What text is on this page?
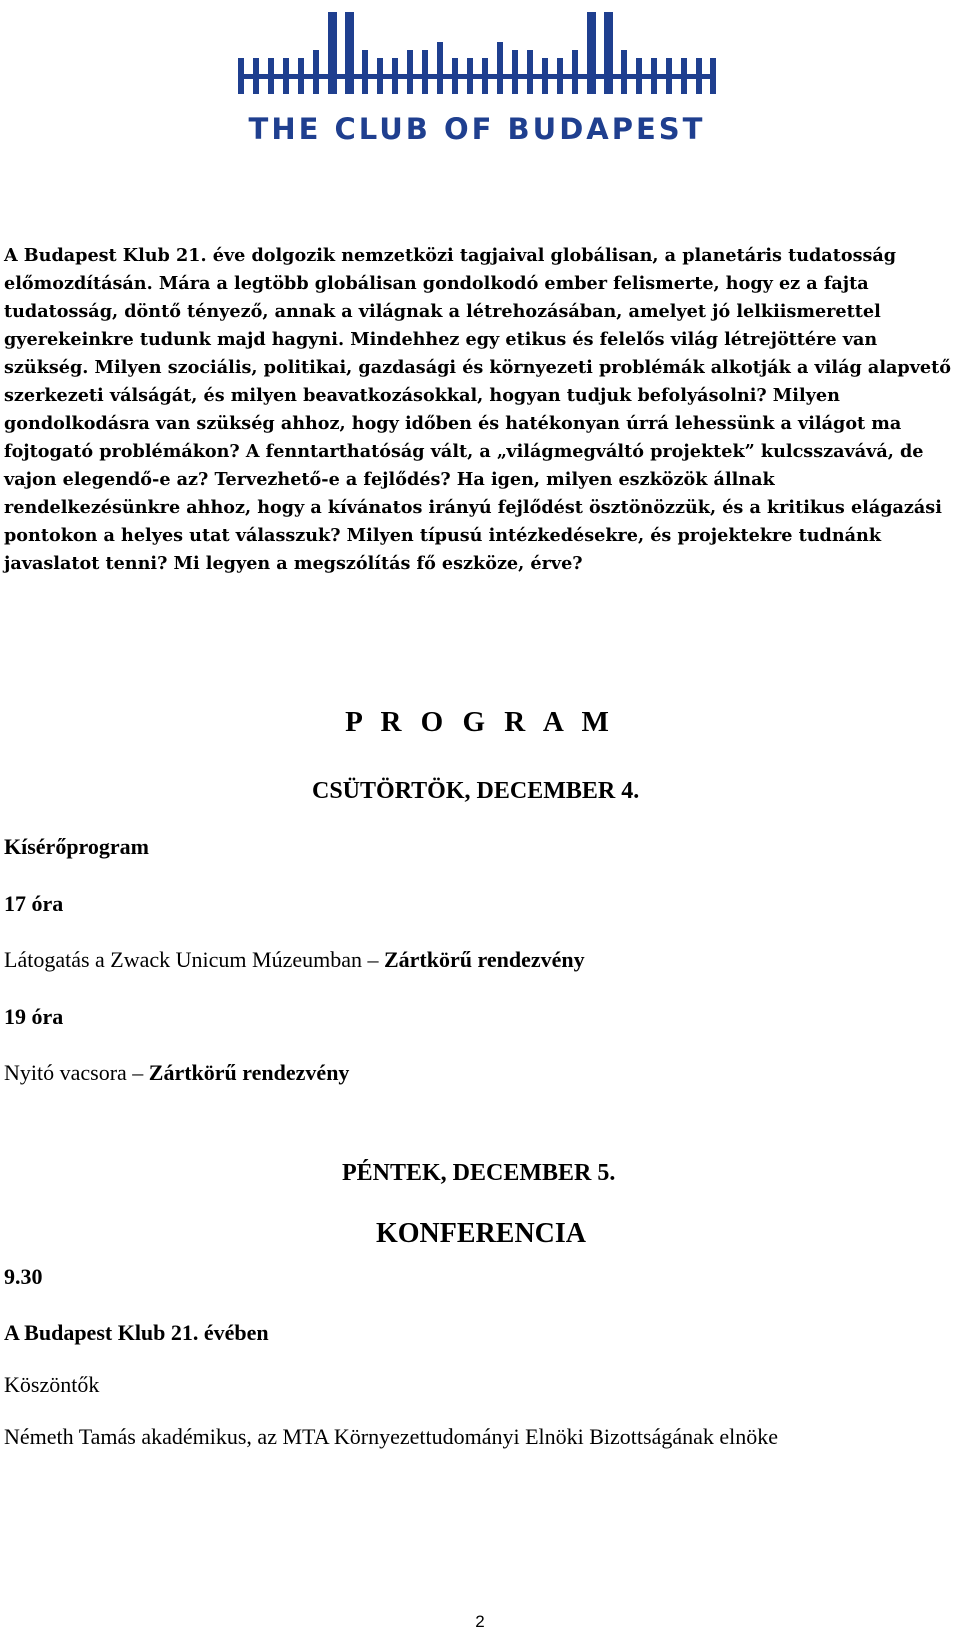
THE CLUB OF BUDAPEST

A Budapest Klub 21. éve dolgozik nemzetközi tagjaival globálisan, a planetáris tudatosság előmozdításán. Mára a legtöbb globálisan gondolkodó ember felismerte, hogy ez a fajta tudatosság, döntő tényező, annak a világnak a létrehozásában, amelyet jó lelkiismerettel gyerekeinkre tudunk majd hagyni. Mindehhez egy etikus és felelős világ létrejöttére van szükség. Milyen szociális, politikai, gazdasági és környezeti problémák alkotják a világ alapvető szerkezeti válságát, és milyen beavatkozásokkal, hogyan tudjuk befolyásolni? Milyen gondolkodásra van szükség ahhoz, hogy időben és hatékonyan úrrá lehessünk a világot ma fojtogató problémákon? A fenntarthatóság vált, a „világmegváltó projektek” kulcsszavává, de vajon elegendő-e az? Tervezhető-e a fejlődés? Ha igen, milyen eszközök állnak rendelkezésünkre ahhoz, hogy a kívánatos irányú fejlődést ösztönözzük, és a kritikus elágazási pontokon a helyes utat válasszuk? Milyen típusú intézkedésekre, és projektekre tudnánk javaslatot tenni? Mi legyen a megszólítás fő eszköze, érve?

P R O G R A M
CSÜTÖRTÖK, DECEMBER 4.
Kísérőprogram
17 óra
Látogatás a Zwack Unicum Múzeumban – Zártkörű rendezvény
19 óra
Nyitó vacsora – Zártkörű rendezvény
PÉNTEK, DECEMBER 5.
KONFERENCIA
9.30
A Budapest Klub 21. évében
Köszöntők
Németh Tamás akadémikus, az MTA Környezettudományi Elnöki Bizottságának elnöke
2
